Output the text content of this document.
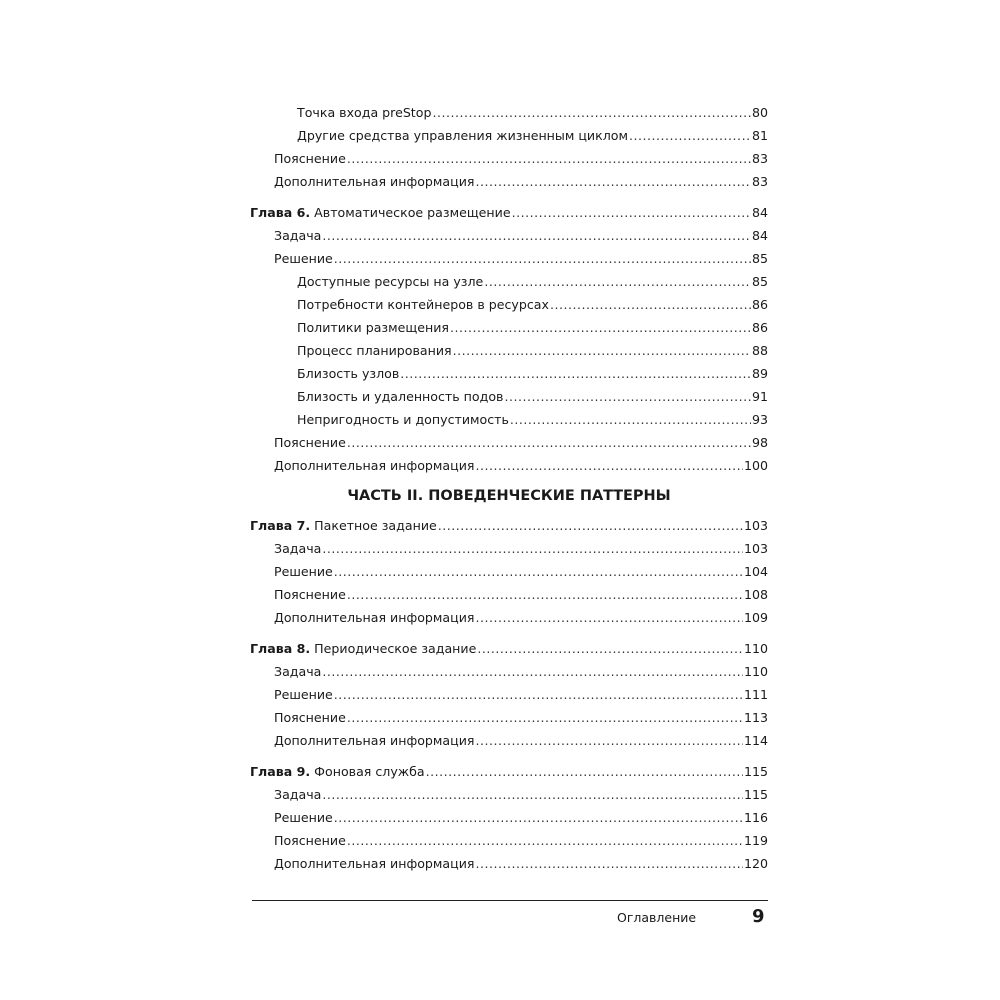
Точка входа preStop .....	80
Другие средства управления жизненным циклом .....	81
Пояснение .....	83
Дополнительная информация .....	83
Глава 6. Автоматическое размещение .....	84
Задача .....	84
Решение .....	85
Доступные ресурсы на узле .....	85
Потребности контейнеров в ресурсах .....	86
Политики размещения .....	86
Процесс планирования .....	88
Близость узлов .....	89
Близость и удаленность подов .....	91
Непригодность и допустимость .....	93
Пояснение .....	98
Дополнительная информация .....	100
ЧАСТЬ II. ПОВЕДЕНЧЕСКИЕ ПАТТЕРНЫ
Глава 7. Пакетное задание .....	103
Задача .....	103
Решение .....	104
Пояснение .....	108
Дополнительная информация .....	109
Глава 8. Периодическое задание .....	110
Задача .....	110
Решение .....	111
Пояснение .....	113
Дополнительная информация .....	114
Глава 9. Фоновая служба .....	115
Задача .....	115
Решение .....	116
Пояснение .....	119
Дополнительная информация .....	120
Оглавление	9
